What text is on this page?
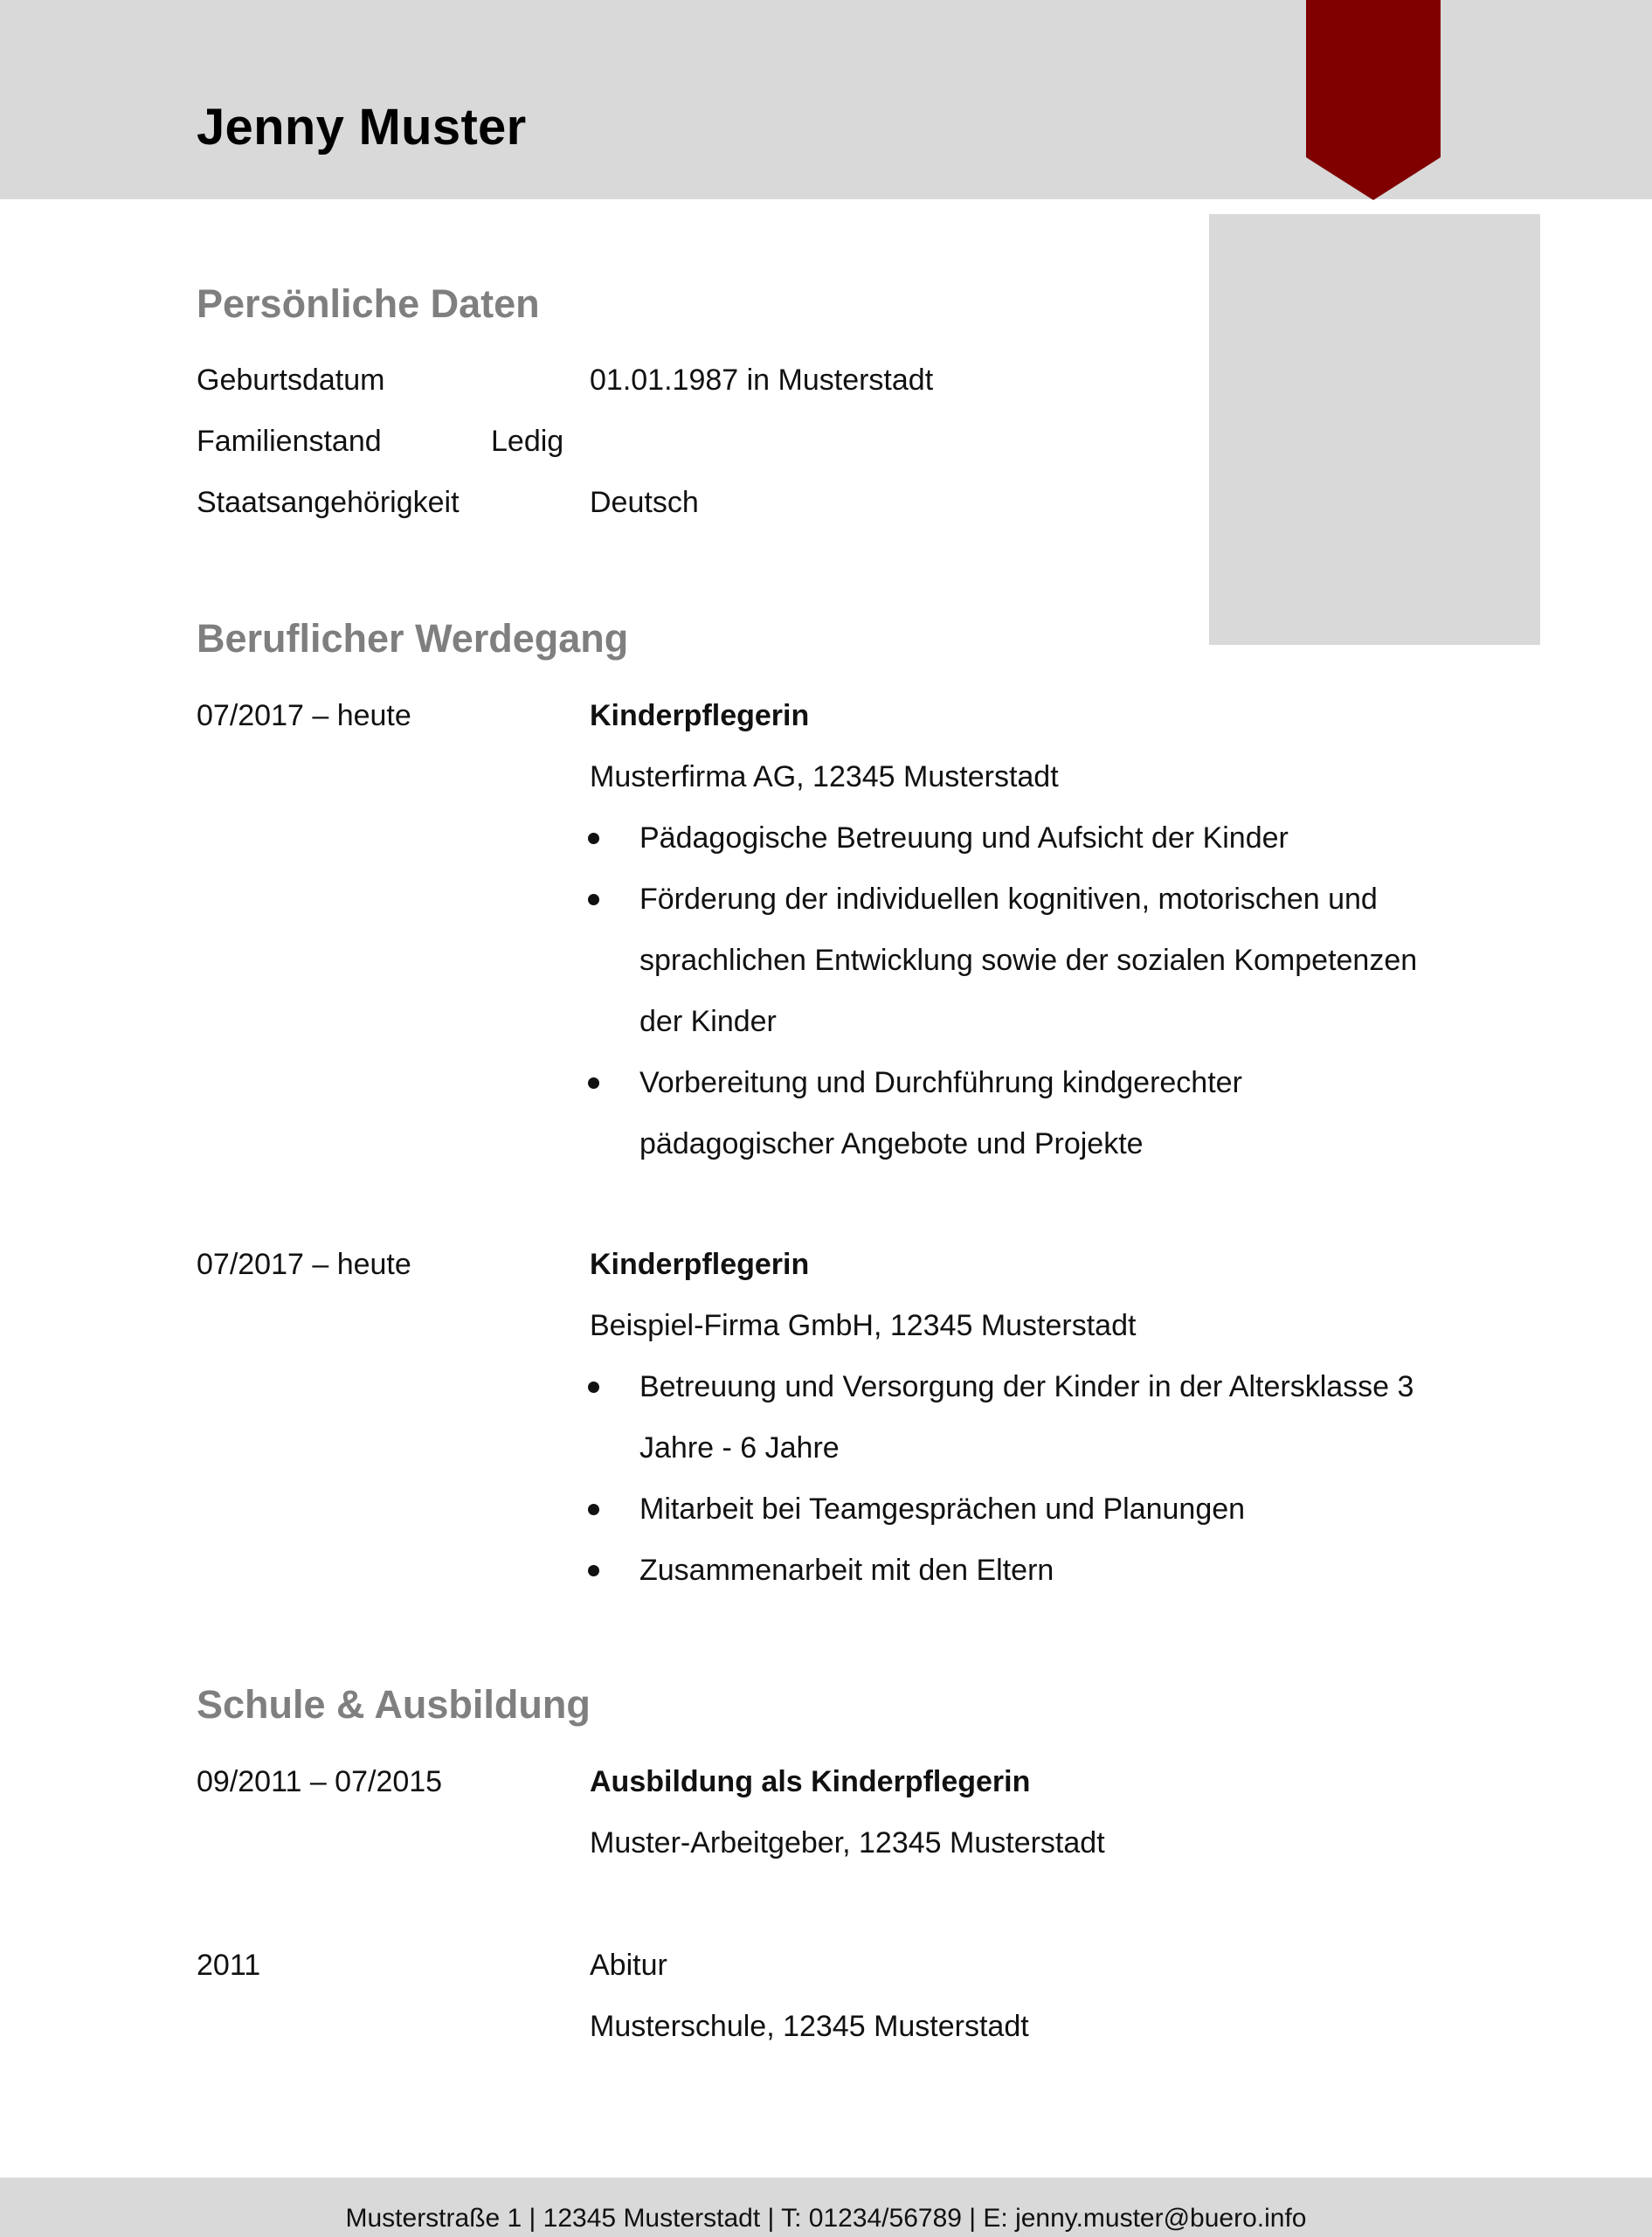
Jenny Muster
Persönliche Daten
Geburtsdatum	01.01.1987 in Musterstadt
Familienstand	Ledig
Staatsangehörigkeit	Deutsch
Beruflicher Werdegang
07/2017 – heute	Kinderpflegerin
Musterfirma AG, 12345 Musterstadt
Pädagogische Betreuung und Aufsicht der Kinder
Förderung der individuellen kognitiven, motorischen und
sprachlichen Entwicklung sowie der sozialen Kompetenzen
der Kinder
Vorbereitung und Durchführung kindgerechter
pädagogischer Angebote und Projekte
07/2017 – heute	Kinderpflegerin
Beispiel-Firma GmbH, 12345 Musterstadt
Betreuung und Versorgung der Kinder in der Altersklasse 3
Jahre - 6 Jahre
Mitarbeit bei Teamgesprächen und Planungen
Zusammenarbeit mit den Eltern
Schule & Ausbildung
09/2011 – 07/2015	Ausbildung als Kinderpflegerin
Muster-Arbeitgeber, 12345 Musterstadt
2011	Abitur
Musterschule, 12345 Musterstadt
Musterstraße 1 | 12345 Musterstadt | T: 01234/56789 | E: jenny.muster@buero.info
